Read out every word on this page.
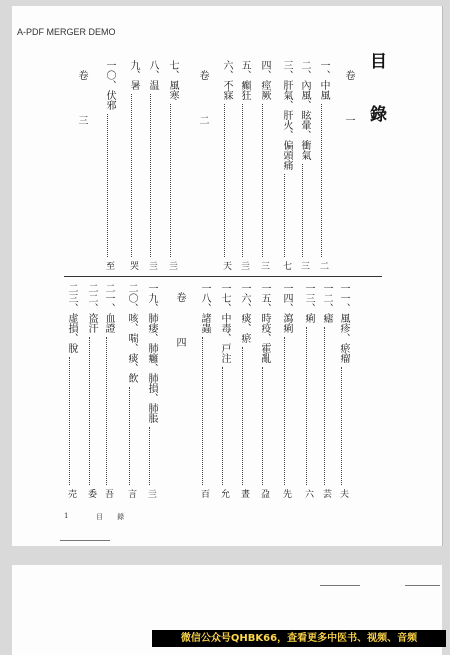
A-PDF MERGER DEMO
目 錄
卷 一
卷 二
卷 三
卷 四
一、中風
二
二、內風、眩暈、衝氣
三
三、肝氣、肝火、偏頭痛
七
四、痙厥
三
五、癲狂
亖
六、不寐
天
七、風寒
亖
八、温
亖
九、暑
哭
一〇、伏邪
至
一一、風疹、瘀瘤
夫
一二、瘧
芸
一三、痢
六
一四、瀉痢
先
一五、時疫、霍亂
盁
一六、痰、瘀
晝
一七、中毒、戸注
允
一八、諸蟲
百
一九、肺痿、肺癰、肺損、肺脹
亖
二〇、咳、喘、痰、飲
言
二一、血證
吾
二二、盗汗
委
二三、虚損、脫
売
1	目 錄
微信公众号QHBK66，查看更多中医书、视频、音频
